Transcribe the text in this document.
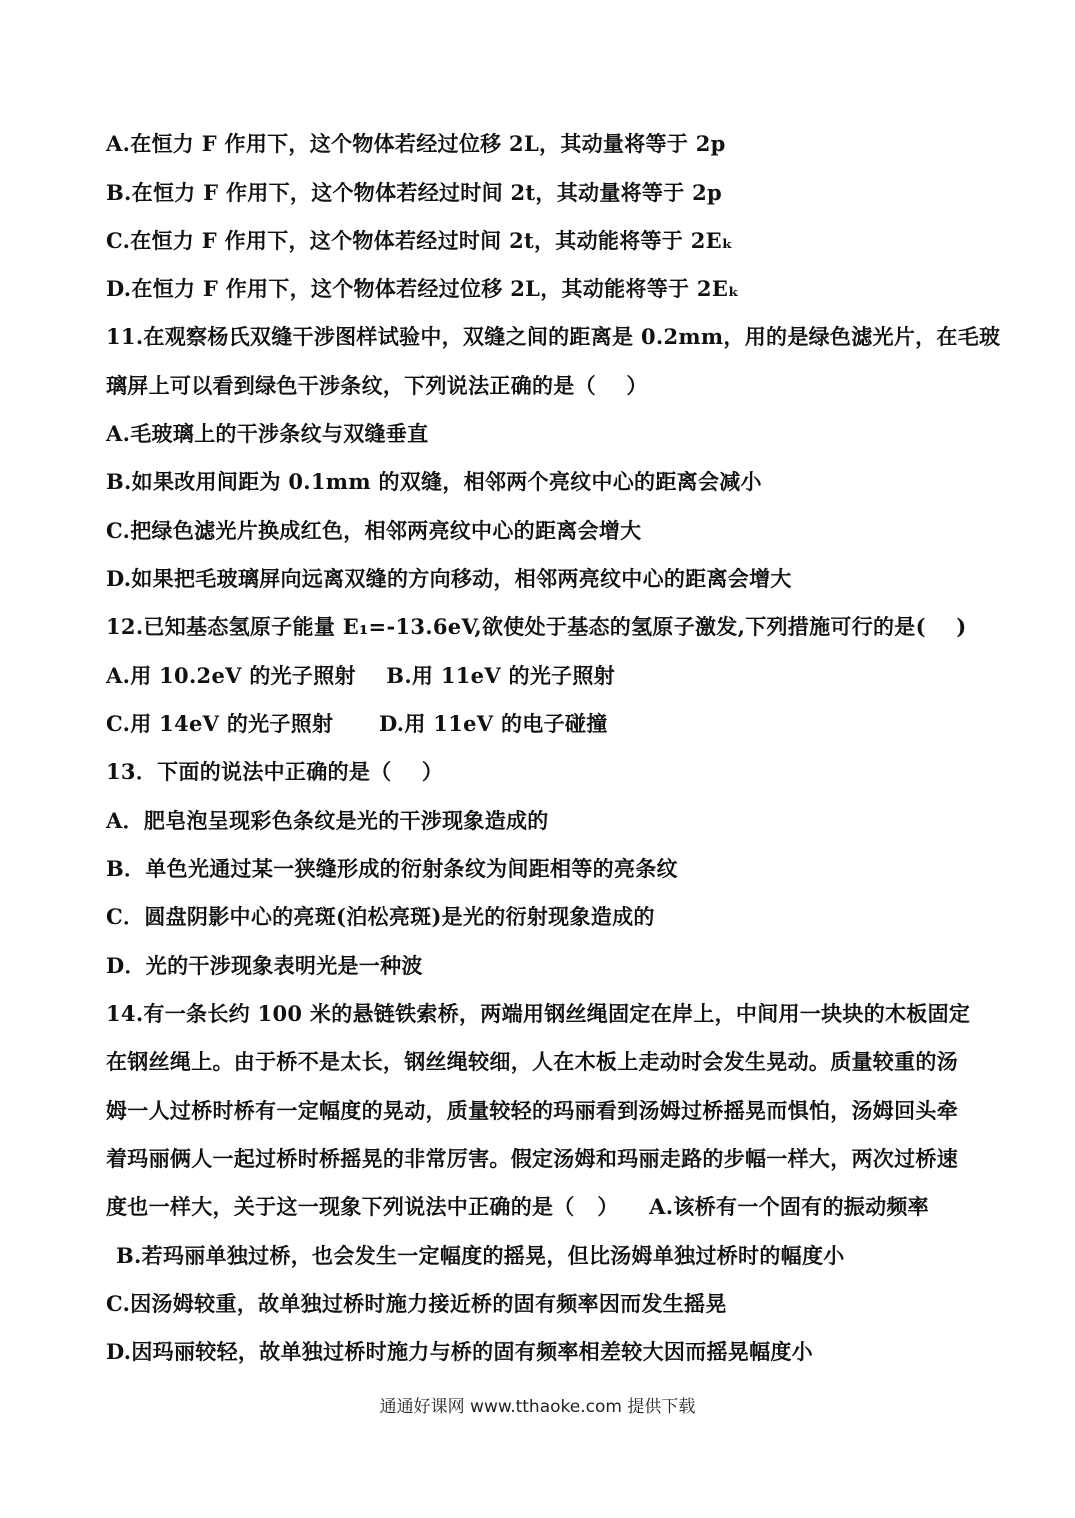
A.在恒力 F 作用下，这个物体若经过位移 2L，其动量将等于 2p
B.在恒力 F 作用下，这个物体若经过时间 2t，其动量将等于 2p
C.在恒力 F 作用下，这个物体若经过时间 2t，其动能将等于 2Eₖ
D.在恒力 F 作用下，这个物体若经过位移 2L，其动能将等于 2Eₖ
11.在观察杨氏双缝干涉图样试验中，双缝之间的距离是 0.2mm，用的是绿色滤光片，在毛玻
璃屏上可以看到绿色干涉条纹，下列说法正确的是（    ）
A.毛玻璃上的干涉条纹与双缝垂直
B.如果改用间距为 0.1mm 的双缝，相邻两个亮纹中心的距离会减小
C.把绿色滤光片换成红色，相邻两亮纹中心的距离会增大
D.如果把毛玻璃屏向远离双缝的方向移动，相邻两亮纹中心的距离会增大
12.已知基态氢原子能量 E₁=-13.6eV,欲使处于基态的氢原子激发,下列措施可行的是(    )
A.用 10.2eV 的光子照射    B.用 11eV 的光子照射
C.用 14eV 的光子照射      D.用 11eV 的电子碰撞
13．下面的说法中正确的是（    ）
A．肥皂泡呈现彩色条纹是光的干涉现象造成的
B．单色光通过某一狭缝形成的衍射条纹为间距相等的亮条纹
C．圆盘阴影中心的亮斑(泊松亮斑)是光的衍射现象造成的
D．光的干涉现象表明光是一种波
14.有一条长约 100 米的悬链铁索桥，两端用钢丝绳固定在岸上，中间用一块块的木板固定
在钢丝绳上。由于桥不是太长，钢丝绳较细，人在木板上走动时会发生晃动。质量较重的汤
姆一人过桥时桥有一定幅度的晃动，质量较轻的玛丽看到汤姆过桥摇晃而惧怕，汤姆回头牵
着玛丽俩人一起过桥时桥摇晃的非常厉害。假定汤姆和玛丽走路的步幅一样大，两次过桥速
度也一样大，关于这一现象下列说法中正确的是（   ）    A.该桥有一个固有的振动频率
B.若玛丽单独过桥，也会发生一定幅度的摇晃，但比汤姆单独过桥时的幅度小
C.因汤姆较重，故单独过桥时施力接近桥的固有频率因而发生摇晃
D.因玛丽较轻，故单独过桥时施力与桥的固有频率相差较大因而摇晃幅度小
通通好课网 www.tthaoke.com 提供下载
